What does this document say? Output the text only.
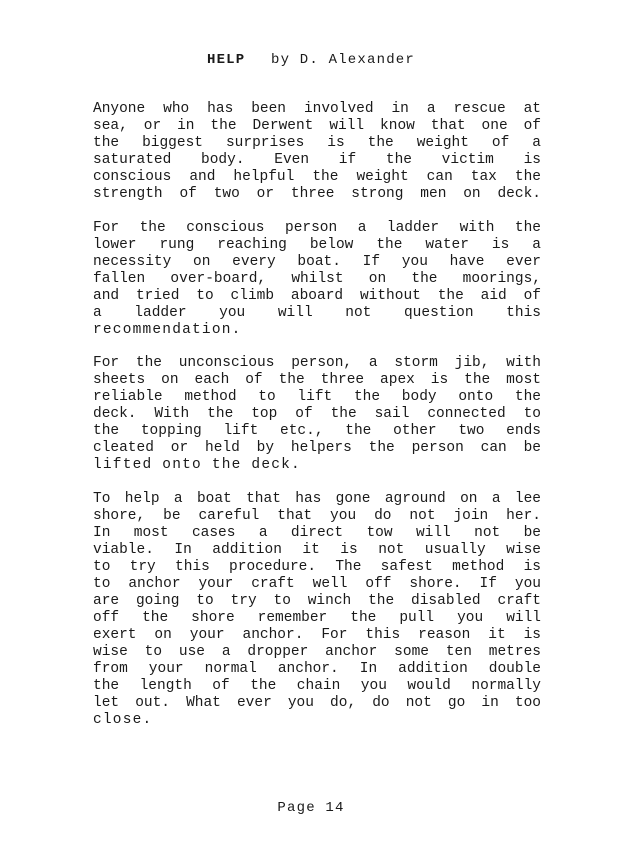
HELP by D. Alexander
Anyone who has been involved in a rescue at
sea, or in the Derwent will know that one of
the biggest surprises is the weight of a
saturated body. Even if the victim is
conscious and helpful the weight can tax the
strength of two or three strong men on deck.
For the conscious person a ladder with the
lower rung reaching below the water is a
necessity on every boat. If you have ever
fallen over-board, whilst on the moorings,
and tried to climb aboard without the aid of
a ladder you will not question this
recommendation.
For the unconscious person, a storm jib, with
sheets on each of the three apex is the most
reliable method to lift the body onto the
deck. With the top of the sail connected to
the topping lift etc., the other two ends
cleated or held by helpers the person can be
lifted onto the deck.
To help a boat that has gone aground on a lee
shore, be careful that you do not join her.
In most cases a direct tow will not be
viable. In addition it is not usually wise
to try this procedure. The safest method is
to anchor your craft well off shore. If you
are going to try to winch the disabled craft
off the shore remember the pull you will
exert on your anchor. For this reason it is
wise to use a dropper anchor some ten metres
from your normal anchor. In addition double
the length of the chain you would normally
let out. What ever you do, do not go in too
close.
Page 14
